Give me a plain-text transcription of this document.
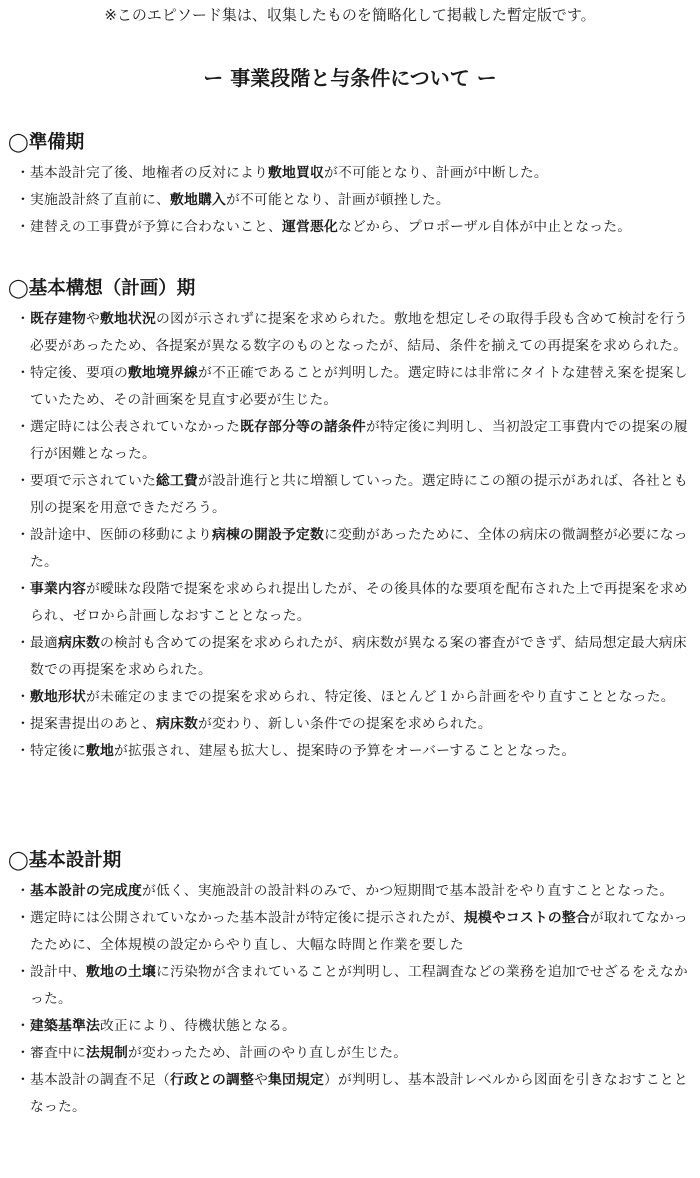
※このエピソード集は、収集したものを簡略化して掲載した暫定版です。
ー 事業段階と与条件について ー
◯準備期
・ 基本設計完了後、地権者の反対により敷地買収が不可能となり、計画が中断した。
・ 実施設計終了直前に、敷地購入が不可能となり、計画が頓挫した。
・ 建替えの工事費が予算に合わないこと、運営悪化などから、プロポーザル自体が中止となった。
◯基本構想（計画）期
・ 既存建物や敷地状況の図が示されずに提案を求められた。敷地を想定しその取得手段も含めて検討を行う必要があったため、各提案が異なる数字のものとなったが、結局、条件を揃えての再提案を求められた。
・ 特定後、要項の敷地境界線が不正確であることが判明した。選定時には非常にタイトな建替え案を提案していたため、その計画案を見直す必要が生じた。
・ 選定時には公表されていなかった既存部分等の諸条件が特定後に判明し、当初設定工事費内での提案の履行が困難となった。
・ 要項で示されていた総工費が設計進行と共に増額していった。選定時にこの額の提示があれば、各社とも別の提案を用意できただろう。
・ 設計途中、医師の移動により病棟の開設予定数に変動があったために、全体の病床の微調整が必要になった。
・ 事業内容が曖昧な段階で提案を求められ提出したが、その後具体的な要項を配布された上で再提案を求められ、ゼロから計画しなおすこととなった。
・ 最適病床数の検討も含めての提案を求められたが、病床数が異なる案の審査ができず、結局想定最大病床数での再提案を求められた。
・ 敷地形状が未確定のままでの提案を求められ、特定後、ほとんど１から計画をやり直すこととなった。
・ 提案書提出のあと、病床数が変わり、新しい条件での提案を求められた。
・ 特定後に敷地が拡張され、建屋も拡大し、提案時の予算をオーバーすることとなった。
◯基本設計期
・ 基本設計の完成度が低く、実施設計の設計料のみで、かつ短期間で基本設計をやり直すこととなった。
・ 選定時には公開されていなかった基本設計が特定後に提示されたが、規模やコストの整合が取れてなかったために、全体規模の設定からやり直し、大幅な時間と作業を要した
・ 設計中、敷地の土壌に汚染物が含まれていることが判明し、工程調査などの業務を追加でせざるをえなかった。
・ 建築基準法改正により、待機状態となる。
・ 審査中に法規制が変わったため、計画のやり直しが生じた。
・ 基本設計の調査不足（行政との調整や集団規定）が判明し、基本設計レベルから図面を引きなおすこととなった。
